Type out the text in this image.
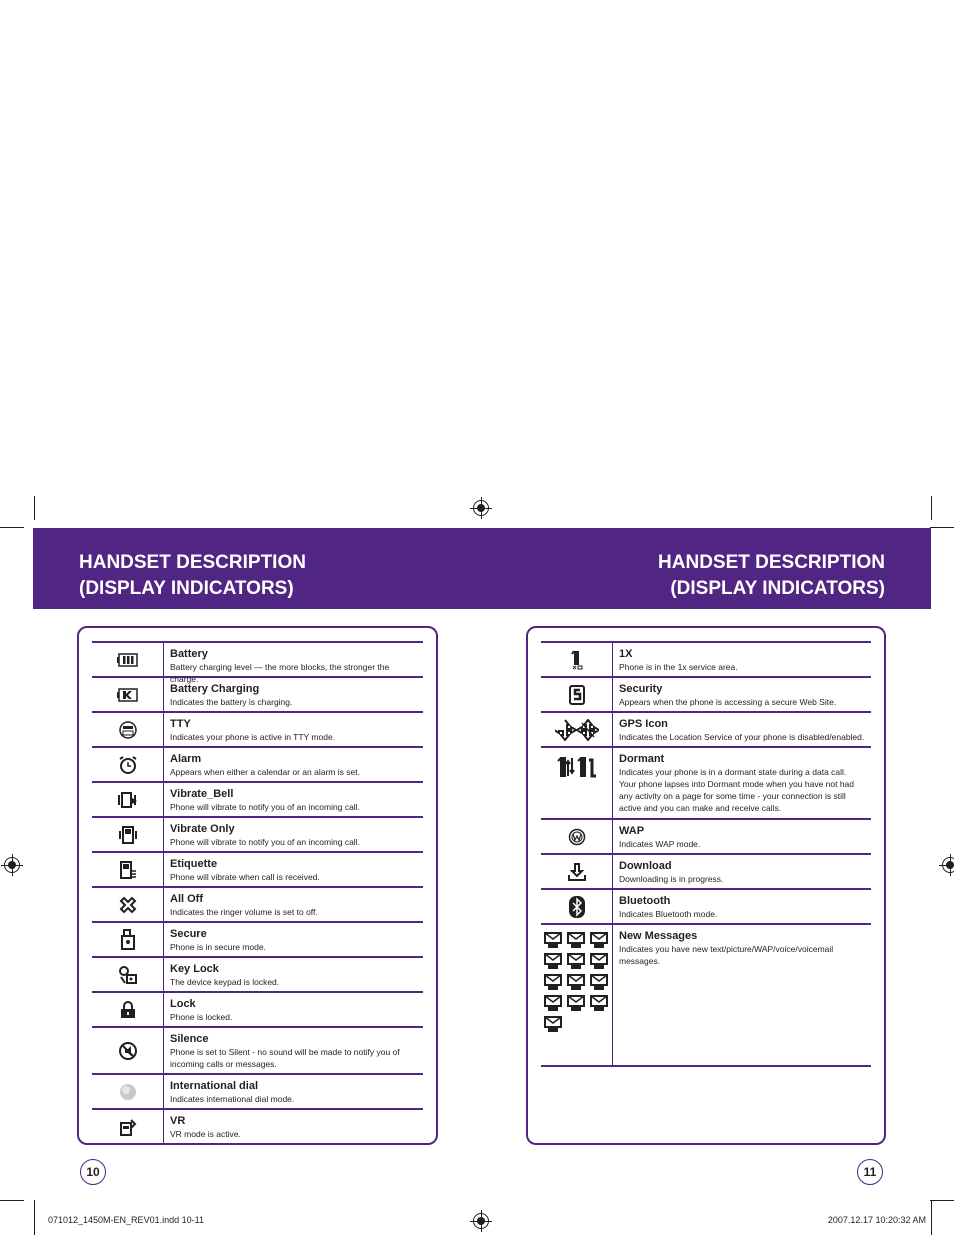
HANDSET DESCRIPTION
(DISPLAY INDICATORS)
HANDSET DESCRIPTION
(DISPLAY INDICATORS)
Battery
Battery charging level — the more blocks, the stronger the charge.
Battery Charging
Indicates the battery is charging.
TTY
Indicates your phone is active in TTY mode.
Alarm
Appears when either a calendar or an alarm is set.
Vibrate_Bell
Phone will vibrate to notify you of an incoming call.
Vibrate Only
Phone will vibrate to notify you of an incoming call.
Etiquette
Phone will vibrate when call is received.
All Off
Indicates the ringer volume is set to off.
Secure
Phone is in secure mode.
Key Lock
The device keypad is locked.
Lock
Phone is locked.
Silence
Phone is set to Silent - no sound will be made to notify you of incoming calls or messages.
International dial
Indicates international dial mode.
VR
VR mode is active.
1X
Phone is in the 1x service area.
Security
Appears when the phone is accessing a secure Web Site.
GPS Icon
Indicates the Location Service of your phone is disabled/enabled.
Dormant
Indicates your phone is in a dormant state during a data call. Your phone lapses into Dormant mode when you have not had any activity on a page for some time - your connection is still active and you can make and receive calls.
WAP
Indicates WAP mode.
Download
Downloading is in progress.
Bluetooth
Indicates Bluetooth mode.
New Messages
Indicates you have new text/picture/WAP/voice/voicemail messages.
10	11
071012_1450M-EN_REV01.indd 10-11	2007.12.17 10:20:32 AM
